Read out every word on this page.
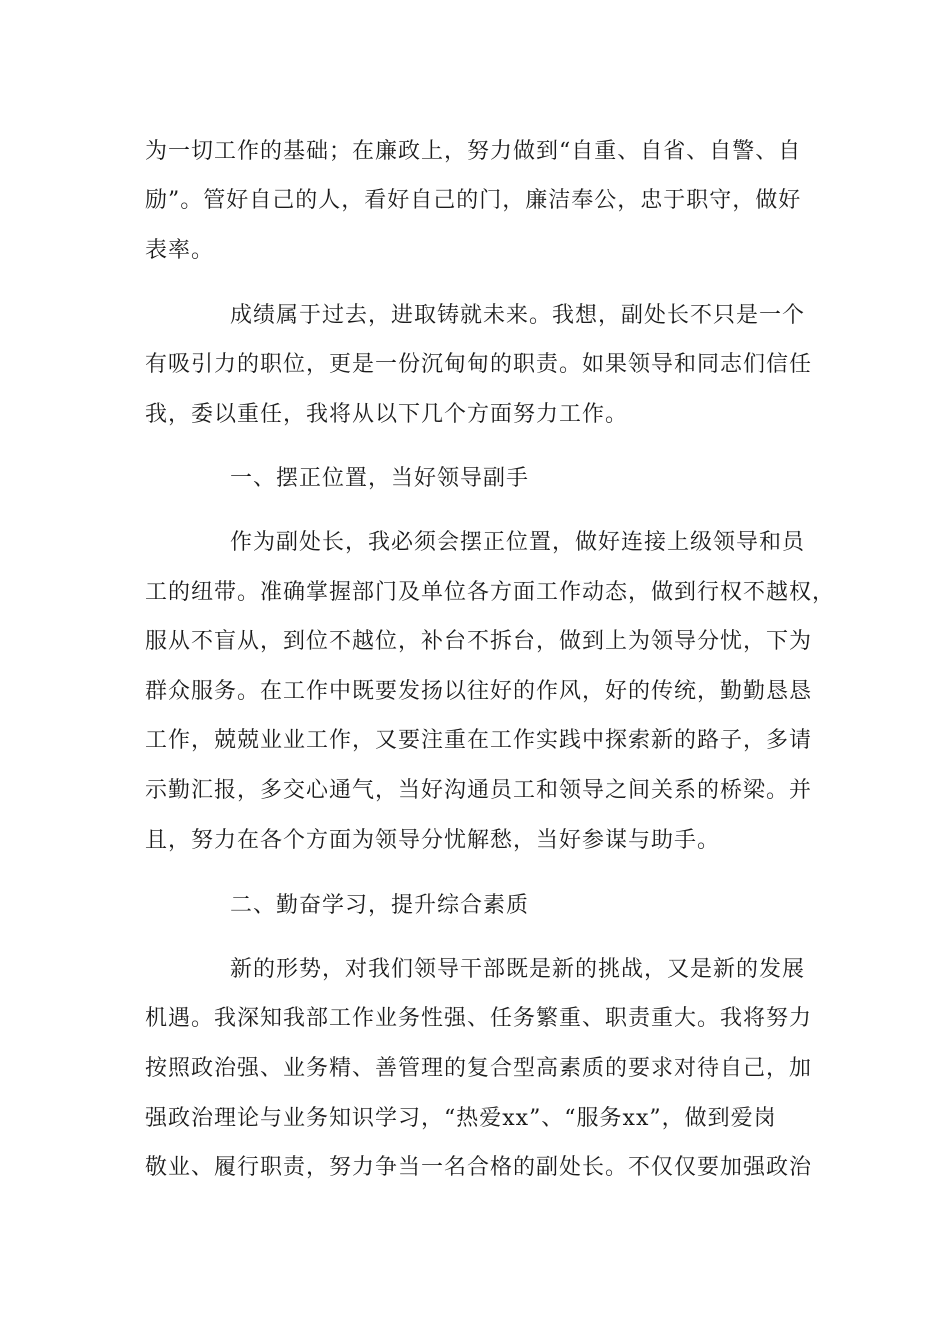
为一切工作的基础；在廉政上，努力做到“自重、自省、自警、自
励”。管好自己的人，看好自己的门，廉洁奉公，忠于职守，做好
表率。
成绩属于过去，进取铸就未来。我想，副处长不只是一个
有吸引力的职位，更是一份沉甸甸的职责。如果领导和同志们信任
我，委以重任，我将从以下几个方面努力工作。
一、摆正位置，当好领导副手
作为副处长，我必须会摆正位置，做好连接上级领导和员
工的纽带。准确掌握部门及单位各方面工作动态，做到行权不越权，
服从不盲从，到位不越位，补台不拆台，做到上为领导分忧，下为
群众服务。在工作中既要发扬以往好的作风，好的传统，勤勤恳恳
工作，兢兢业业工作，又要注重在工作实践中探索新的路子，多请
示勤汇报，多交心通气，当好沟通员工和领导之间关系的桥梁。并
且，努力在各个方面为领导分忧解愁，当好参谋与助手。
二、勤奋学习，提升综合素质
新的形势，对我们领导干部既是新的挑战，又是新的发展
机遇。我深知我部工作业务性强、任务繁重、职责重大。我将努力
按照政治强、业务精、善管理的复合型高素质的要求对待自己，加
强政治理论与业务知识学习，“热爱xx”、“服务xx”，做到爱岗
敬业、履行职责，努力争当一名合格的副处长。不仅仅要加强政治
